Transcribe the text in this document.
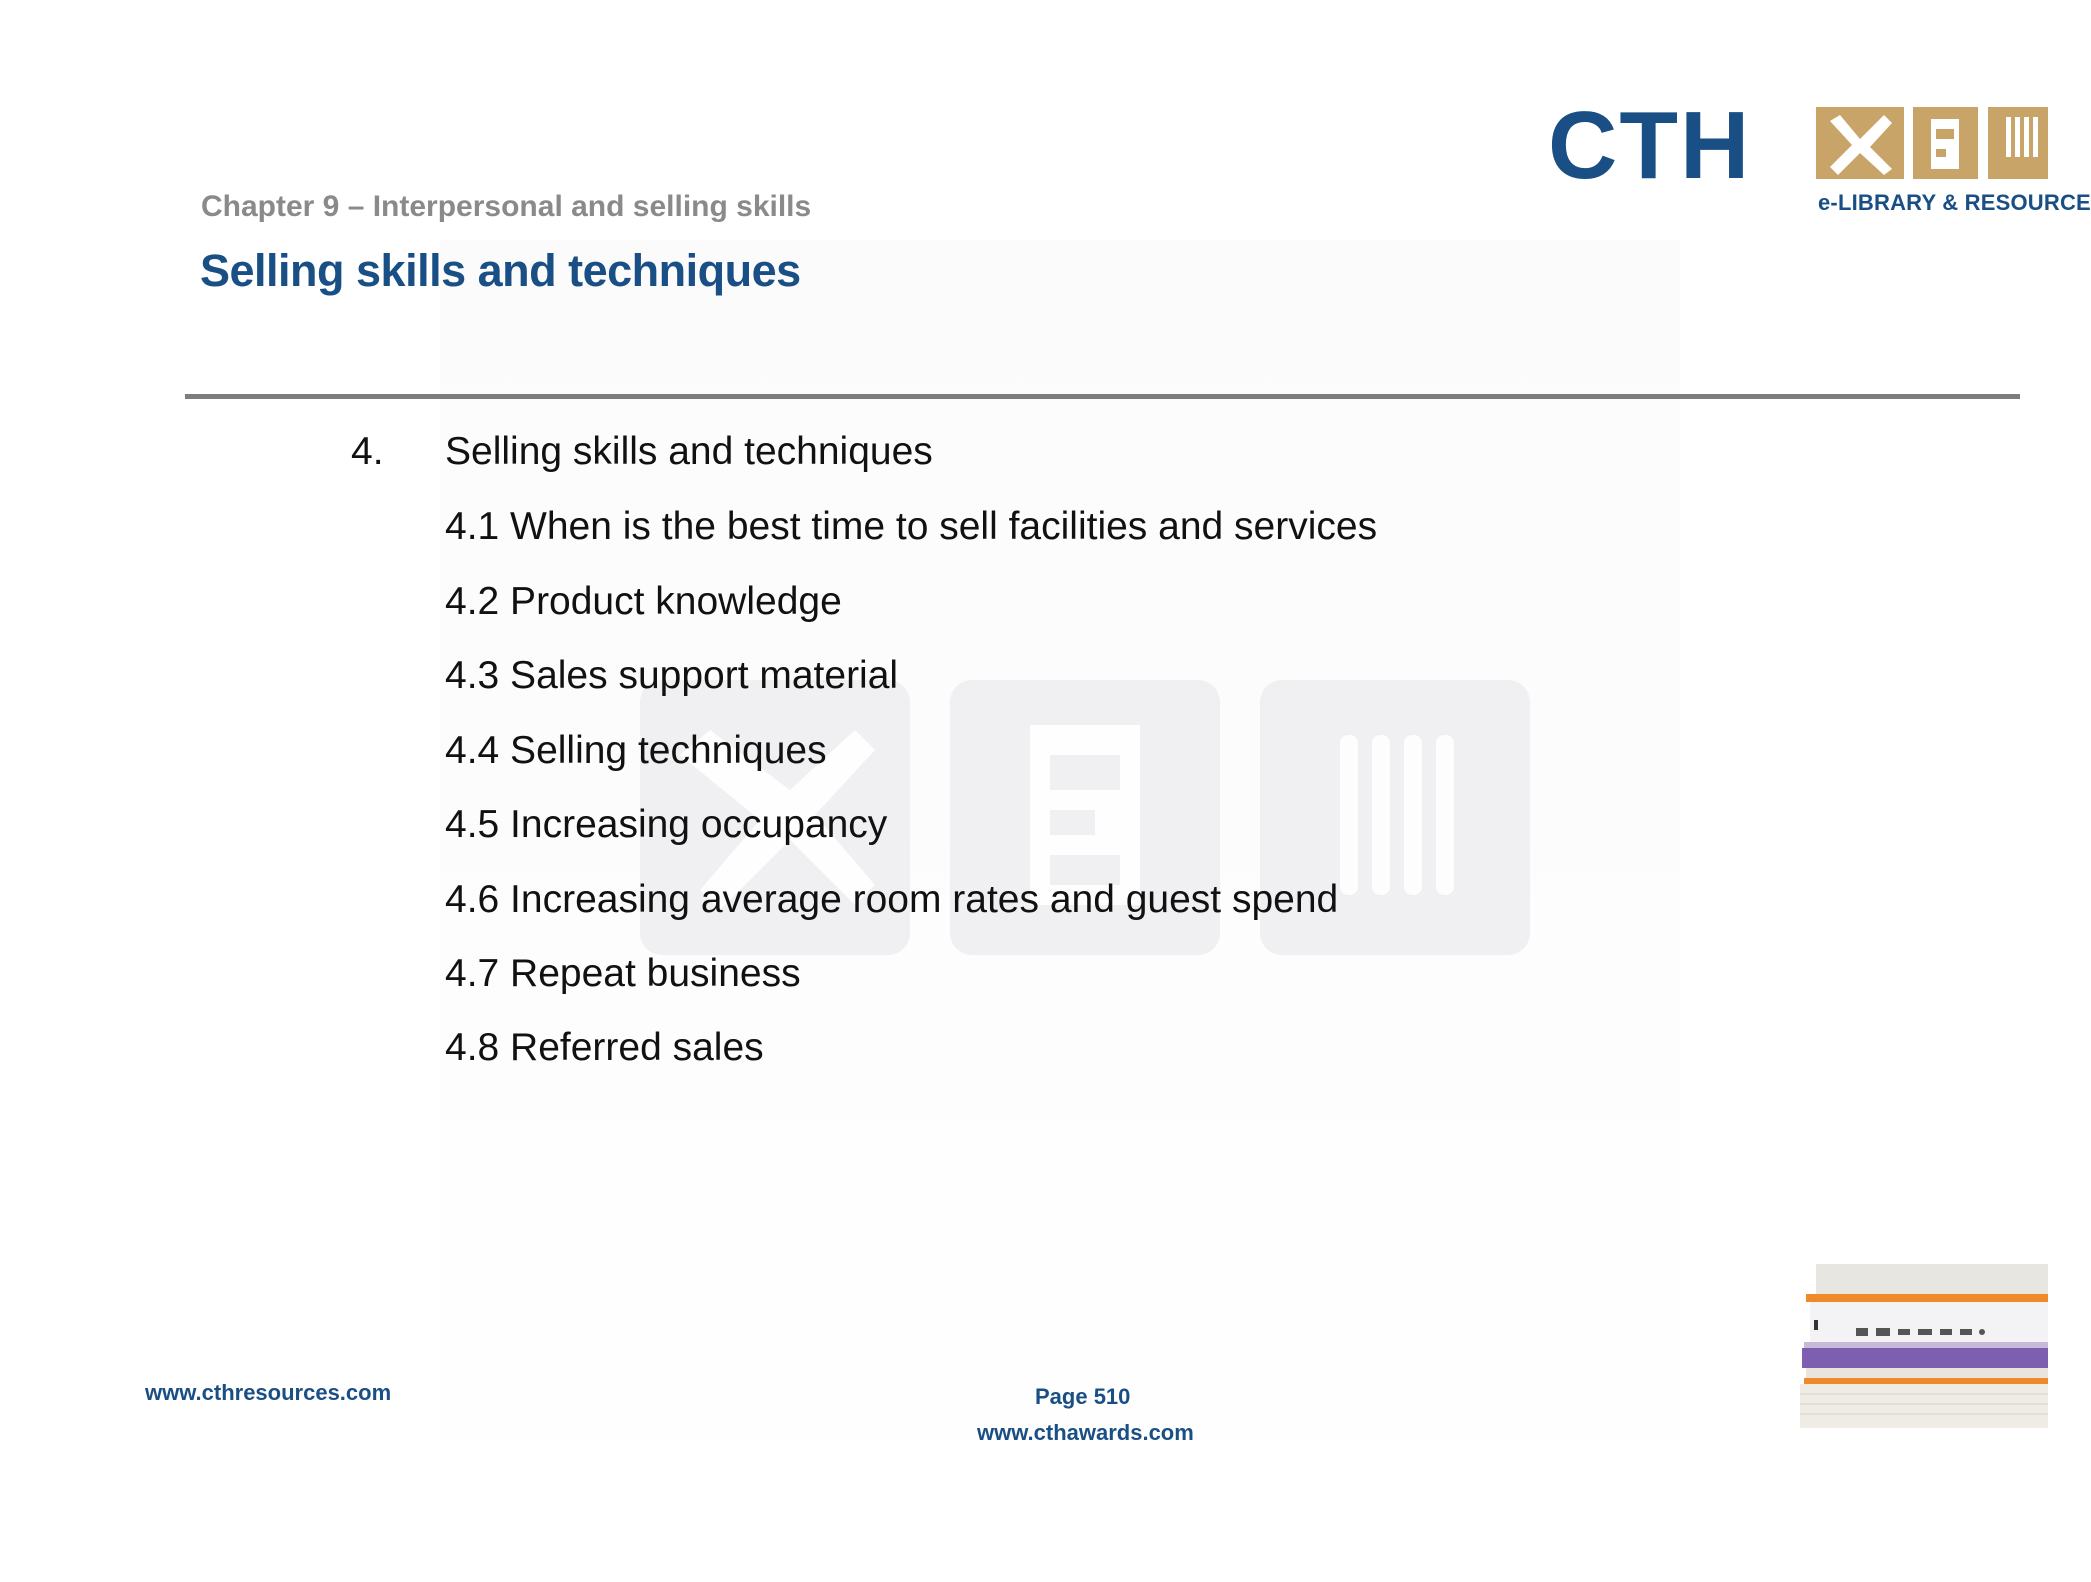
Chapter 9 – Interpersonal and selling skills
Selling skills and techniques
CTH
e-LIBRARY & RESOURCE
4. Selling skills and techniques
4.1 When is the best time to sell facilities and services
4.2 Product knowledge
4.3 Sales support material
4.4 Selling techniques
4.5 Increasing occupancy
4.6 Increasing average room rates and guest spend
4.7 Repeat business
4.8 Referred sales
www.cthresources.com	Page 510
www.cthawards.com
